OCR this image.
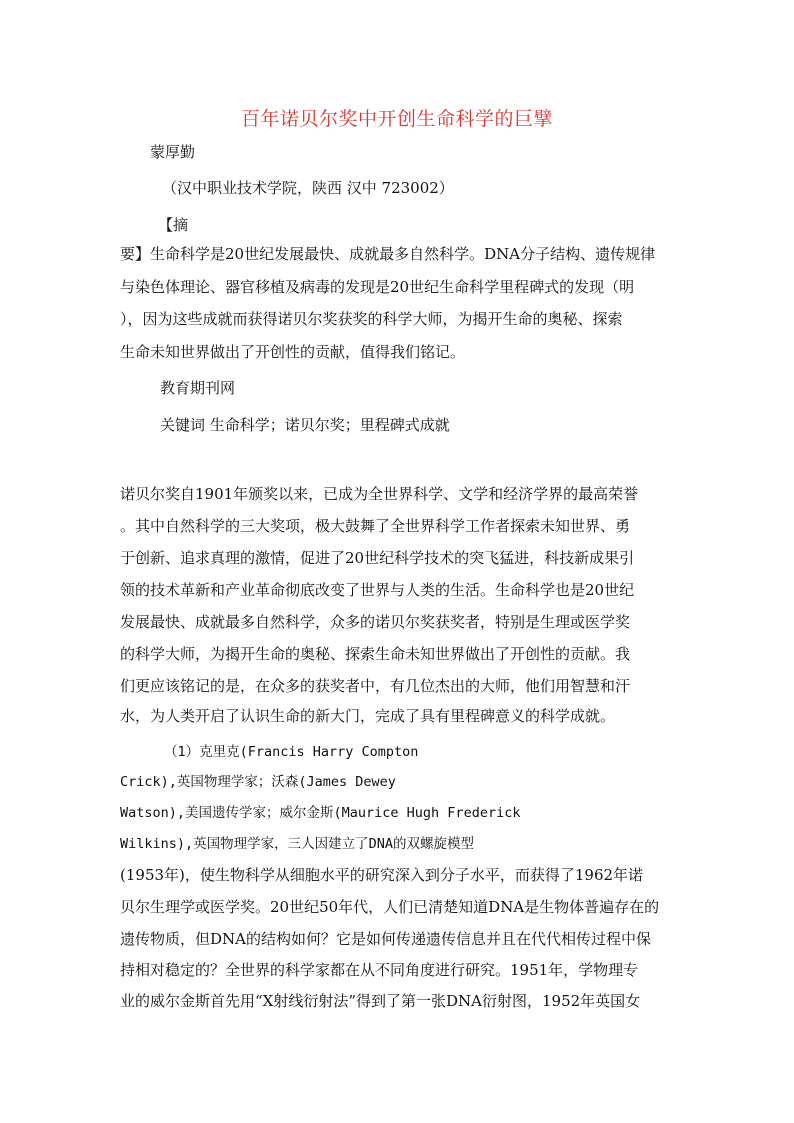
百年诺贝尔奖中开创生命科学的巨擘
蒙厚勤
（汉中职业技术学院，陕西 汉中 723002）
【摘
要】生命科学是20世纪发展最快、成就最多自然科学。DNA分子结构、遗传规律
与染色体理论、器官移植及病毒的发现是20世纪生命科学里程碑式的发现（明
），因为这些成就而获得诺贝尔奖获奖的科学大师，为揭开生命的奥秘、探索
生命未知世界做出了开创性的贡献，值得我们铭记。
教育期刊网
关键词 生命科学；诺贝尔奖；里程碑式成就
诺贝尔奖自1901年颁奖以来，已成为全世界科学、文学和经济学界的最高荣誉
。其中自然科学的三大奖项，极大鼓舞了全世界科学工作者探索未知世界、勇
于创新、追求真理的激情，促进了20世纪科学技术的突飞猛进，科技新成果引
领的技术革新和产业革命彻底改变了世界与人类的生活。生命科学也是20世纪
发展最快、成就最多自然科学，众多的诺贝尔奖获奖者，特别是生理或医学奖
的科学大师，为揭开生命的奥秘、探索生命未知世界做出了开创性的贡献。我
们更应该铭记的是，在众多的获奖者中，有几位杰出的大师，他们用智慧和汗
水，为人类开启了认识生命的新大门，完成了具有里程碑意义的科学成就。
（1）克里克(Francis Harry Compton
Crick),英国物理学家；沃森(James Dewey
Watson),美国遗传学家；威尔金斯(Maurice Hugh Frederick
Wilkins),英国物理学家，三人因建立了DNA的双螺旋模型
(1953年)，使生物科学从细胞水平的研究深入到分子水平，而获得了1962年诺
贝尔生理学或医学奖。20世纪50年代，人们已清楚知道DNA是生物体普遍存在的
遗传物质，但DNA的结构如何？它是如何传递遗传信息并且在代代相传过程中保
持相对稳定的？全世界的科学家都在从不同角度进行研究。1951年，学物理专
业的威尔金斯首先用“X射线衍射法”得到了第一张DNA衍射图，1952年英国女
